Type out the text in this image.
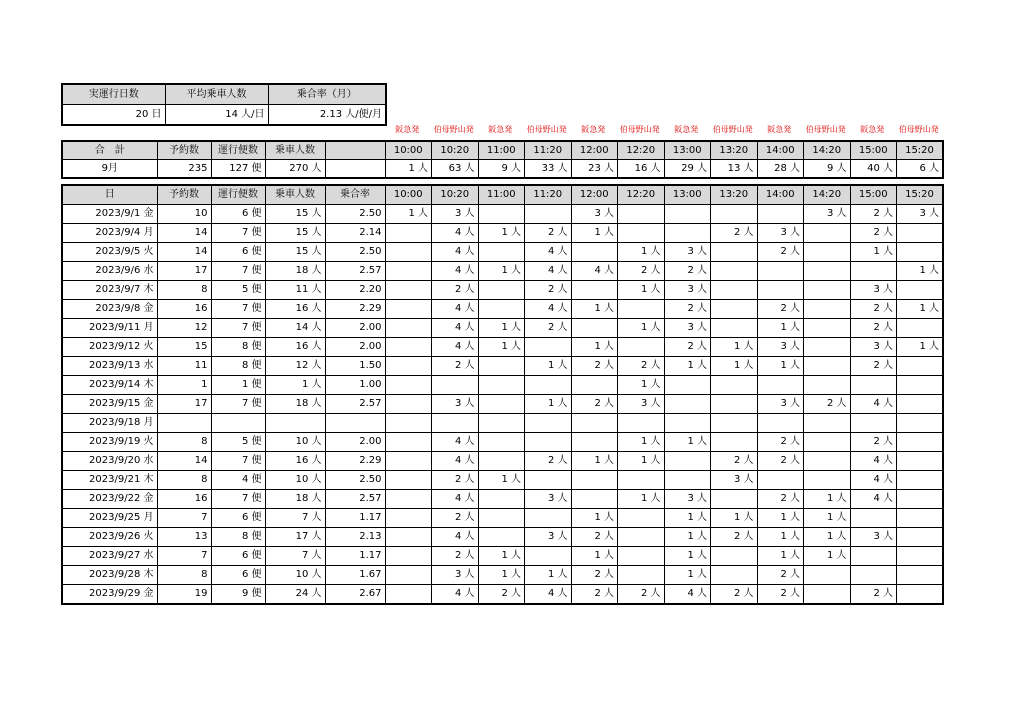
実運行日数	平均乗車人数	乗合率（月）
20 日	14 人/日	2.13 人/便/月
阪急発	伯母野山発	阪急発	伯母野山発	阪急発	伯母野山発	阪急発	伯母野山発	阪急発	伯母野山発	阪急発	伯母野山発
合　計	予約数	運行便数	乗車人数		10:00	10:20	11:00	11:20	12:00	12:20	13:00	13:20	14:00	14:20	15:00	15:20
9月	235	127 便	270 人		1 人	63 人	9 人	33 人	23 人	16 人	29 人	13 人	28 人	9 人	40 人	6 人
日	予約数	運行便数	乗車人数	乗合率	10:00	10:20	11:00	11:20	12:00	12:20	13:00	13:20	14:00	14:20	15:00	15:20
2023/9/1 金	10	6 便	15 人	2.50	1 人	3 人			3 人					3 人	2 人	3 人
2023/9/4 月	14	7 便	15 人	2.14		4 人	1 人	2 人	1 人			2 人	3 人		2 人	
2023/9/5 火	14	6 便	15 人	2.50		4 人		4 人		1 人	3 人		2 人		1 人	
2023/9/6 水	17	7 便	18 人	2.57		4 人	1 人	4 人	4 人	2 人	2 人					1 人
2023/9/7 木	8	5 便	11 人	2.20		2 人		2 人		1 人	3 人				3 人	
2023/9/8 金	16	7 便	16 人	2.29		4 人		4 人	1 人		2 人		2 人		2 人	1 人
2023/9/11 月	12	7 便	14 人	2.00		4 人	1 人	2 人		1 人	3 人		1 人		2 人	
2023/9/12 火	15	8 便	16 人	2.00		4 人	1 人		1 人		2 人	1 人	3 人		3 人	1 人
2023/9/13 水	11	8 便	12 人	1.50		2 人		1 人	2 人	2 人	1 人	1 人	1 人		2 人	
2023/9/14 木	1	1 便	1 人	1.00						1 人						
2023/9/15 金	17	7 便	18 人	2.57		3 人		1 人	2 人	3 人			3 人	2 人	4 人	
2023/9/18 月																
2023/9/19 火	8	5 便	10 人	2.00		4 人				1 人	1 人		2 人		2 人	
2023/9/20 水	14	7 便	16 人	2.29		4 人		2 人	1 人	1 人		2 人	2 人		4 人	
2023/9/21 木	8	4 便	10 人	2.50		2 人	1 人					3 人			4 人	
2023/9/22 金	16	7 便	18 人	2.57		4 人		3 人		1 人	3 人		2 人	1 人	4 人	
2023/9/25 月	7	6 便	7 人	1.17		2 人			1 人		1 人	1 人	1 人	1 人		
2023/9/26 火	13	8 便	17 人	2.13		4 人		3 人	2 人		1 人	2 人	1 人	1 人	3 人	
2023/9/27 水	7	6 便	7 人	1.17		2 人	1 人		1 人		1 人		1 人	1 人		
2023/9/28 木	8	6 便	10 人	1.67		3 人	1 人	1 人	2 人		1 人		2 人			
2023/9/29 金	19	9 便	24 人	2.67		4 人	2 人	4 人	2 人	2 人	4 人	2 人	2 人		2 人	
